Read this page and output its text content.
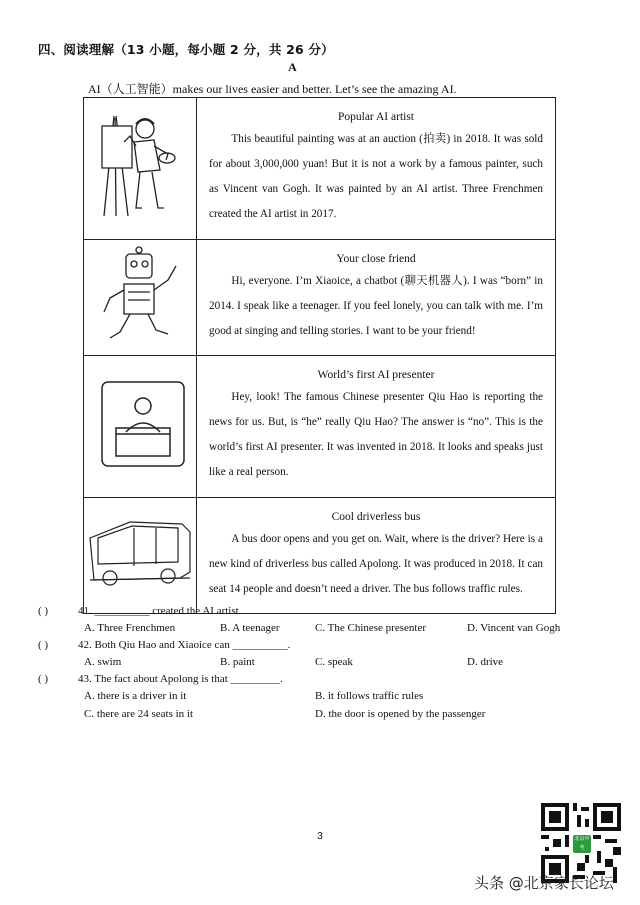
四、阅读理解（13 小题，每小题 2 分，共 26 分）
A
AI（人工智能）makes our lives easier and better. Let’s see the amazing AI.

Popular AI artist
This beautiful painting was at an auction (拍卖) in 2018. It was sold for about 3,000,000 yuan! But it is not a work by a famous painter, such as Vincent van Gogh. It was painted by an AI artist. Three Frenchmen created the AI artist in 2017.

Your close friend
Hi, everyone. I’m Xiaoice, a chatbot (聊天机器人). I was “born” in 2014. I speak like a teenager. If you feel lonely, you can talk with me. I’m good at singing and telling stories. I want to be your friend!

World’s first AI presenter
Hey, look! The famous Chinese presenter Qiu Hao is reporting the news for us. But, is “he” really Qiu Hao? The answer is “no”. This is the world’s first AI presenter. It was invented in 2018. It looks and speaks just like a real person.

Cool driverless bus
A bus door opens and you get on. Wait, where is the driver? Here is a new kind of driverless bus called Apolong. It was produced in 2018. It can seat 14 people and doesn’t need a driver. The bus follows traffic rules.
( )	41. __________ created the AI artist.
A. Three Frenchmen	B. A teenager	C. The Chinese presenter	D. Vincent van Gogh
( )	42. Both Qiu Hao and Xiaoice can __________.
A. swim	B. paint	C. speak	D. drive
( )	43. The fact about Apolong is that _________.
A. there is a driver in it	B. it follows traffic rules
C. there are 24 seats in it	D. the door is opened by the passenger
3	北京中考
头条 @北京家长论坛
